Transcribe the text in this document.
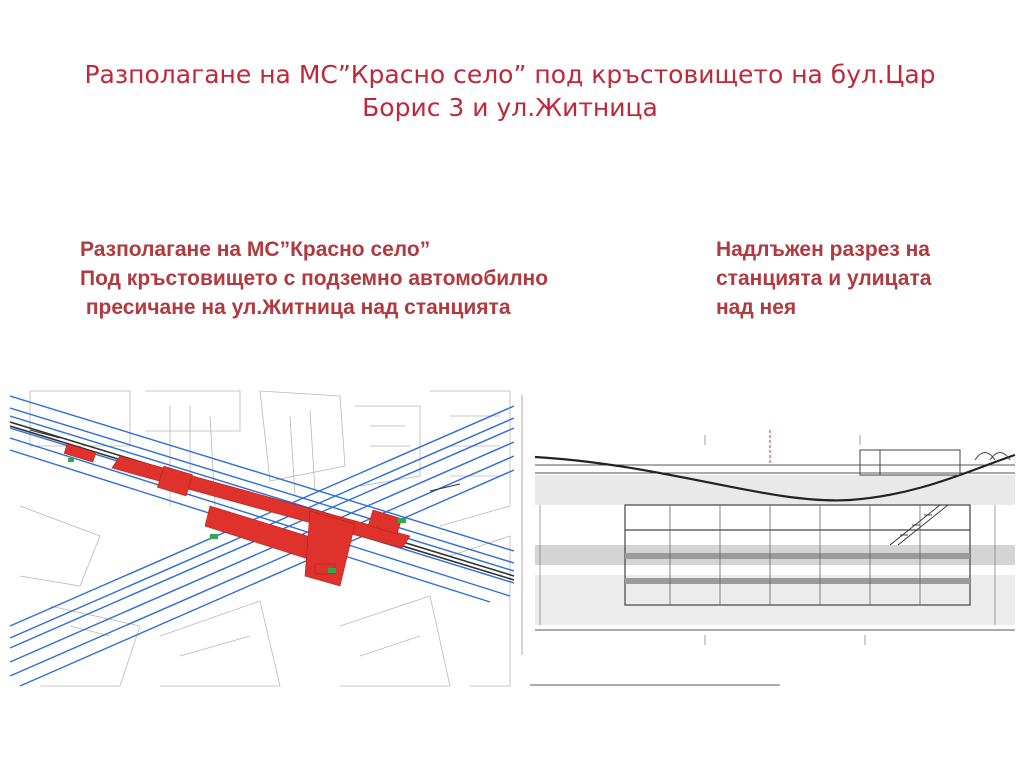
Разполагане на МС”Красно село” под кръстовището на бул.Цар
Борис 3 и ул.Житница
Разполагане на МС”Красно село”
Под кръстовището с подземно автомобилно
пресичане на ул.Житница над станцията
Надлъжен разрез на
станцията и улицата
над нея
